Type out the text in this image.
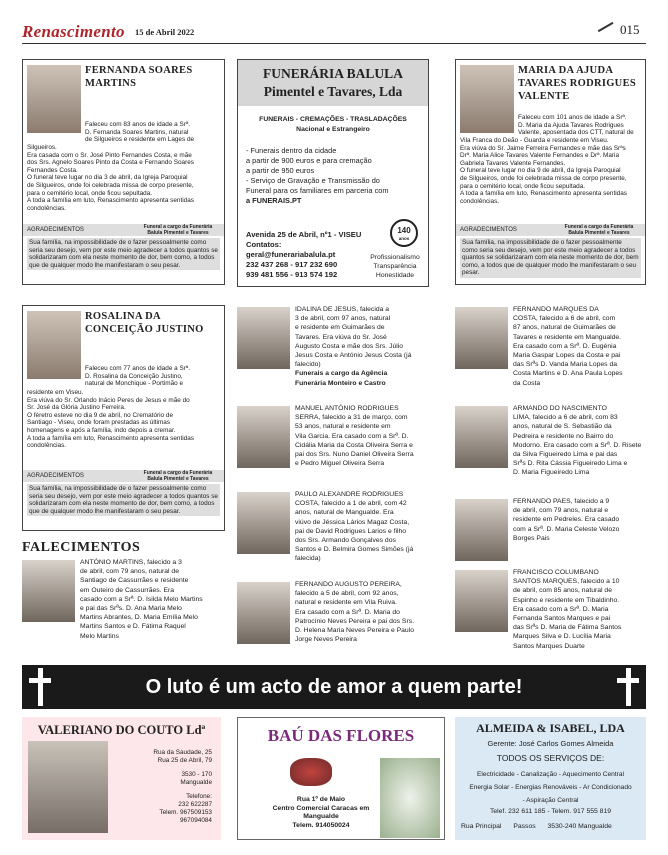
Renascimento 15 de Abril 2022	015
FERNANDA SOARES
MARTINS
Faleceu com 83 anos de idade a Srª.
D. Fernanda Soares Martins, natural
de Silgueiros e residente em Lages de
Silgueiros.
Era casada com o Sr. José Pinto Fernandes Costa, e mãe
dos Srs. Agnelo Soares Pinto da Costa e Fernando Soares
Fernandes Costa.
O funeral teve lugar no dia 3 de abril, da Igreja Paroquial
de Silgueiros, onde foi celebrada missa de corpo presente,
para o cemitério local, onde ficou sepultada.
A toda a família em luto, Renascimento apresenta sentidas
condolências.
AGRADECIMENTOS	Funeral a cargo da Funerária Balula Pimentel e Tavares
Sua família, na impossibilidade de o fazer pessoalmente como seria seu desejo, vem por este meio agradecer a todos quantos se solidarizaram com ela neste momento de dor, bem como, a todos que de qualquer modo lhe manifestaram o seu pesar.
FUNERÁRIA BALULA
Pimentel e Tavares, Lda
FUNERAIS - CREMAÇÕES - TRASLADAÇÕES
Nacional e Estrangeiro
- Funerais dentro da cidade
a partir de 900 euros e para cremação
a partir de 950 euros
- Serviço de Gravação e Transmissão do
Funeral para os familiares em parceria com
a FUNERAIS.PT
Avenida 25 de Abril, nº1 - VISEU
Contatos:
geral@funerariabalula.pt
232 437 268 - 917 232 690
939 481 556 - 913 574 192
140
anos
Profissionalismo
Transparência
Honestidade
MARIA DA AJUDA
TAVARES RODRIGUES
VALENTE
Faleceu com 101 anos de idade a Srª.
D. Maria da Ajuda Tavares Rodrigues
Valente, aposentada dos CTT, natural de
Vila Franca do Deão - Guarda e residente em Viseu.
Era viúva do Sr. Jaime Ferreira Fernandes e mãe das Srªs
Drª. Maria Alice Tavares Valente Fernandes e Drª. Maria
Gabriela Tavares Valente Fernandes.
O funeral teve lugar no dia 9 de abril, da Igreja Paroquial
de Silgueiros, onde foi celebrada missa de corpo presente,
para o cemitério local, onde ficou sepultada.
A toda a família em luto, Renascimento apresenta sentidas
condolências.
AGRADECIMENTOS	Funeral a cargo da Funerária Balula Pimentel e Tavares
Sua família, na impossibilidade de o fazer pessoalmente como seria seu desejo, vem por este meio agradecer a todos quantos se solidarizaram com ela neste momento de dor, bem como, a todos que de qualquer modo lhe manifestaram o seu pesar.
ROSALINA DA
CONCEIÇÃO JUSTINO
Faleceu com 77 anos de idade a Srª.
D. Rosalina da Conceição Justino,
natural de Monchique - Portimão e
residente em Viseu.
Era viúva do Sr. Orlando Inácio Peres de Jesus e mãe do
Sr. José da Glória Justino Ferreira.
O féretro esteve no dia 9 de abril, no Crematório de
Santiago - Viseu, onde foram prestadas as últimas
homenagens e após a família, indo depois a cremar.
A toda a família em luto, Renascimento apresenta sentidas
condolências.
AGRADECIMENTOS	Funeral a cargo da Funerária Balula Pimentel e Tavares
Sua família, na impossibilidade de o fazer pessoalmente como seria seu desejo, vem por este meio agradecer a todos quantos se solidarizaram com ela neste momento de dor, bem como, a todos que de qualquer modo lhe manifestaram o seu pesar.
IDALINA DE JESUS, falecida a
3 de abril, com 97 anos, natural
e residente em Guimarães de
Tavares. Era viúva do Sr. José
Augusto Costa e mãe dos Srs. Júlio
Jesus Costa e António Jesus Costa (já
falecido)
Funerais a cargo da Agência
Funerária Monteiro e Castro
MANUEL ANTÓNIO RODRIGUES
SERRA, falecido a 31 de março, com
53 anos, natural e residente em
Vila Garcia. Era casado com a Srª. D.
Cidália Maria da Costa Oliveira Serra e
pai dos Srs. Nuno Daniel Oliveira Serra
e Pedro Miguel Oliveira Serra
PAULO ALEXANDRE RODRIGUES
COSTA, falecido a 1 de abril, com 42
anos, natural de Mangualde. Era
viúvo de Jéssica Lários Magaz Costa,
pai de David Rodrigues Larios e filho
dos Srs. Armando Gonçalves dos
Santos e D. Belmira Gomes Simões (já
falecida)
FERNANDO AUGUSTO PEREIRA,
falecido a 5 de abril, com 92 anos,
natural e residente em Vila Ruiva.
Era casado com a Srª. D. Maria do
Patrocínio Neves Pereira e pai dos Srs.
D. Helena Maria Neves Pereira e Paulo
Jorge Neves Pereira
FERNANDO MARQUES DA
COSTA, falecido a 6 de abril, com
87 anos, natural de Guimarães de
Tavares e residente em Mangualde.
Era casado com a Srª. D. Eugénia
Maria Gaspar Lopes da Costa e pai
das Srªs D. Vanda Maria Lopes da
Costa Martins e D. Ana Paula Lopes
da Costa
ARMANDO DO NASCIMENTO
LIMA, falecido a 6 de abril, com 83
anos, natural de S. Sebastião da
Pedreira e residente no Bairro do
Modorno. Era casado com a Srª. D. Risete
da Silva Figueiredo Lima e pai das
Srªs D. Rita Cássia Figueiredo Lima e
D. Maria Figueiredo Lima
FERNANDO PAES, falecido a 9
de abril, com 79 anos, natural e
residente em Pedreles. Era casado
com a Srª. D. Maria Celeste Velozo
Borges Pais
FRANCISCO COLUMBANO
SANTOS MARQUES, falecido a 10
de abril, com 85 anos, natural de
Espinho e residente em Tibaldinho.
Era casado com a Srª. D. Maria
Fernanda Santos Marques e pai
das Srªs D. Maria de Fátima Santos
Marques Silva e D. Lucília Maria
Santos Marques Duarte
FALECIMENTOS
ANTÓNIO MARTINS, falecido a 3
de abril, com 79 anos, natural de
Santiago de Cassurrães e residente
em Outeiro de Cassurrães. Era
casado com a Srª. D. Isilda Melo Martins
e pai das Srªs. D. Ana Maria Melo
Martins Abrantes, D. Maria Emília Melo
Martins Santos e D. Fátima Raquel
Melo Martins
O luto é um acto de amor a quem parte!
VALERIANO DO COUTO Ldª
Rua da Saudade, 25
Rua 25 de Abril, 79
3530 - 170
Mangualde
Telefone:
232 622287
Telem. 967509153
967094084
BAÚ DAS FLORES
Rua 1º de Maio
Centro Comercial Caracas em
Mangualde
Telem. 914050024
ALMEIDA & ISABEL, LDA
Gerente: José Carlos Gomes Almeida
TODOS OS SERVIÇOS DE:
Electricidade - Canalização - Aquecimento Central
Energia Solar - Energias Renováveis - Ar Condicionado
- Aspiração Central
Telef. 232 611 185 - Telem. 917 555 819
Rua Principal Passos 3530-240 Mangualde
